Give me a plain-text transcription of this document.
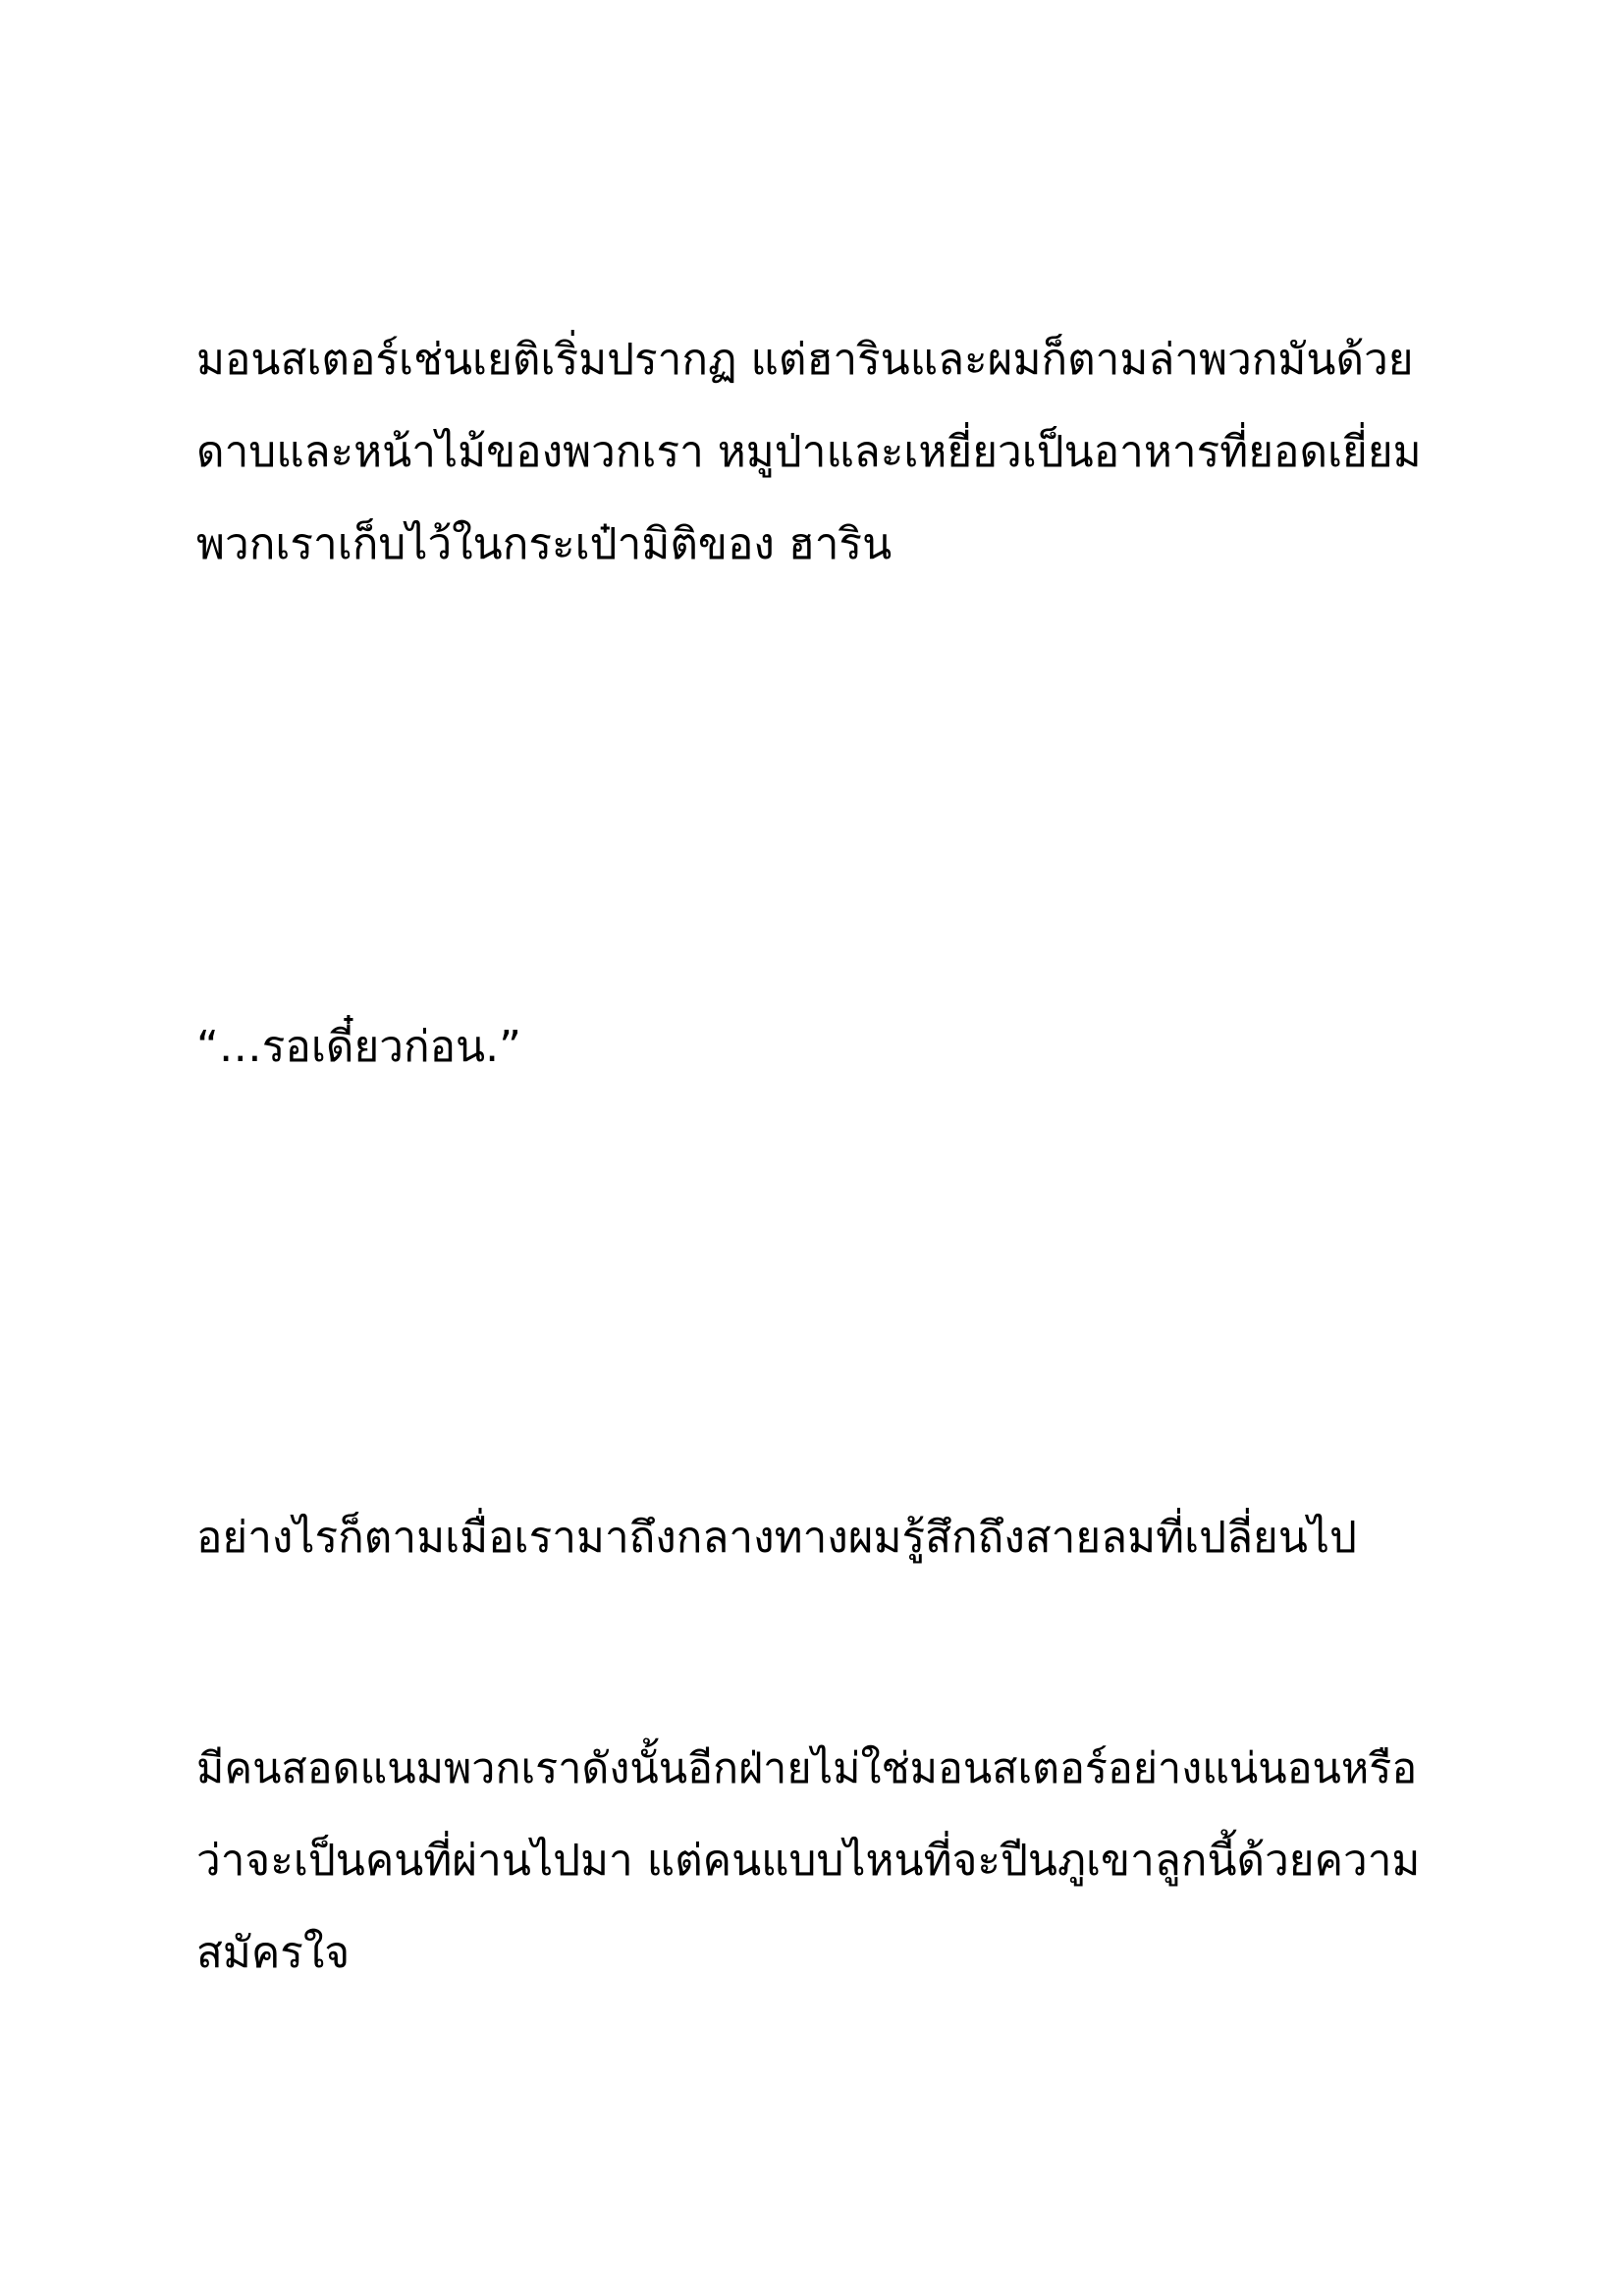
มอนสเตอร์เช่นเยติเริ่มปรากฏ แต่ฮารินและผมก็ตามล่าพวกมันด้วย
ดาบและหน้าไม้ของพวกเรา หมูป่าและเหยี่ยวเป็นอาหารที่ยอดเยี่ยม
พวกเราเก็บไว้ในกระเป๋ามิติของ ฮาริน

“…รอเดี๋ยวก่อน.”

อย่างไรก็ตามเมื่อเรามาถึงกลางทางผมรู้สึกถึงสายลมที่เปลี่ยนไป

มีคนสอดแนมพวกเราดังนั้นอีกฝ่ายไม่ใช่มอนสเตอร์อย่างแน่นอนหรือ
ว่าจะเป็นคนที่ผ่านไปมา แต่คนแบบไหนที่จะปีนภูเขาลูกนี้ด้วยความ
สมัครใจ
